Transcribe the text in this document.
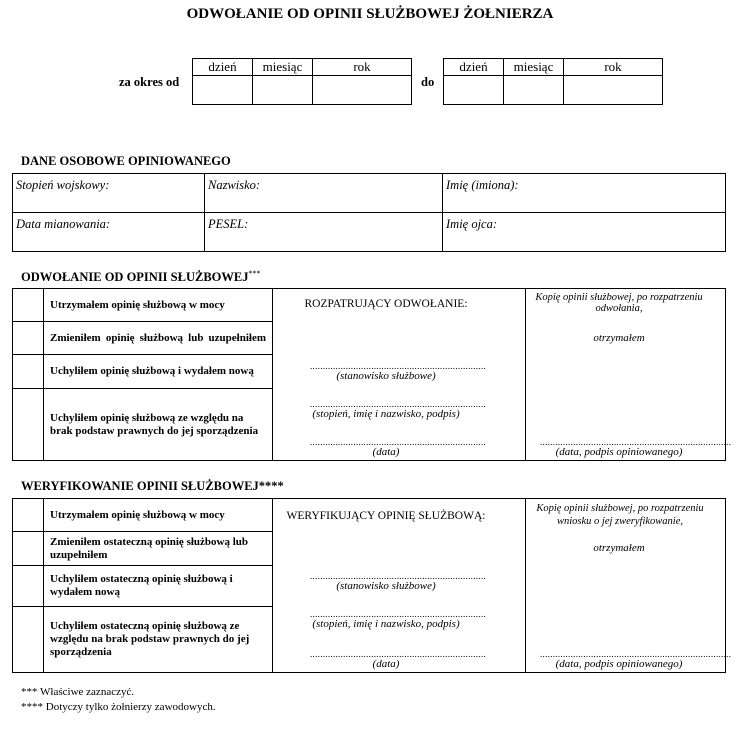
ODWOŁANIE OD OPINII SŁUŻBOWEJ ŻOŁNIERZA
za okres od
dzień	miesiąc	rok

do
dzień	miesiąc	rok

DANE OSOBOWE OPINIOWANEGO
Stopień wojskowy:	Nazwisko:	Imię (imiona):
Data mianowania:	PESEL:	Imię ojca:
ODWOŁANIE OD OPINII SŁUŻBOWEJ***
	Utrzymałem opinię służbową w mocy		
	Zmieniłem opinię służbową lub uzupełniłem		
	Uchyliłem opinię służbową i wydałem nową		
	Uchyliłem opinię służbową ze względu na brak podstaw prawnych do jej sporządzenia		
ROZPATRUJĄCY ODWOŁANIE:
.....................................................................
(stanowisko służbowe)
.....................................................................
(stopień, imię i nazwisko, podpis)
.....................................................................
(data)
Kopię opinii służbowej, po rozpatrzeniu odwołania,
otrzymałem
...........................................................................
(data, podpis opiniowanego)
WERYFIKOWANIE OPINII SŁUŻBOWEJ****
	Utrzymałem opinię służbową w mocy		
	Zmieniłem ostateczną opinię służbową lub uzupełniłem		
	Uchyliłem ostateczną opinię służbową i wydałem nową		
	Uchyliłem ostateczną opinię służbową ze względu na brak podstaw prawnych do jej sporządzenia		
WERYFIKUJĄCY OPINIĘ SŁUŻBOWĄ:
.....................................................................
(stanowisko służbowe)
.....................................................................
(stopień, imię i nazwisko, podpis)
.....................................................................
(data)
Kopię opinii służbowej, po rozpatrzeniu wniosku o jej zweryfikowanie,
otrzymałem
...........................................................................
(data, podpis opiniowanego)
*** Właściwe zaznaczyć.
**** Dotyczy tylko żołnierzy zawodowych.
